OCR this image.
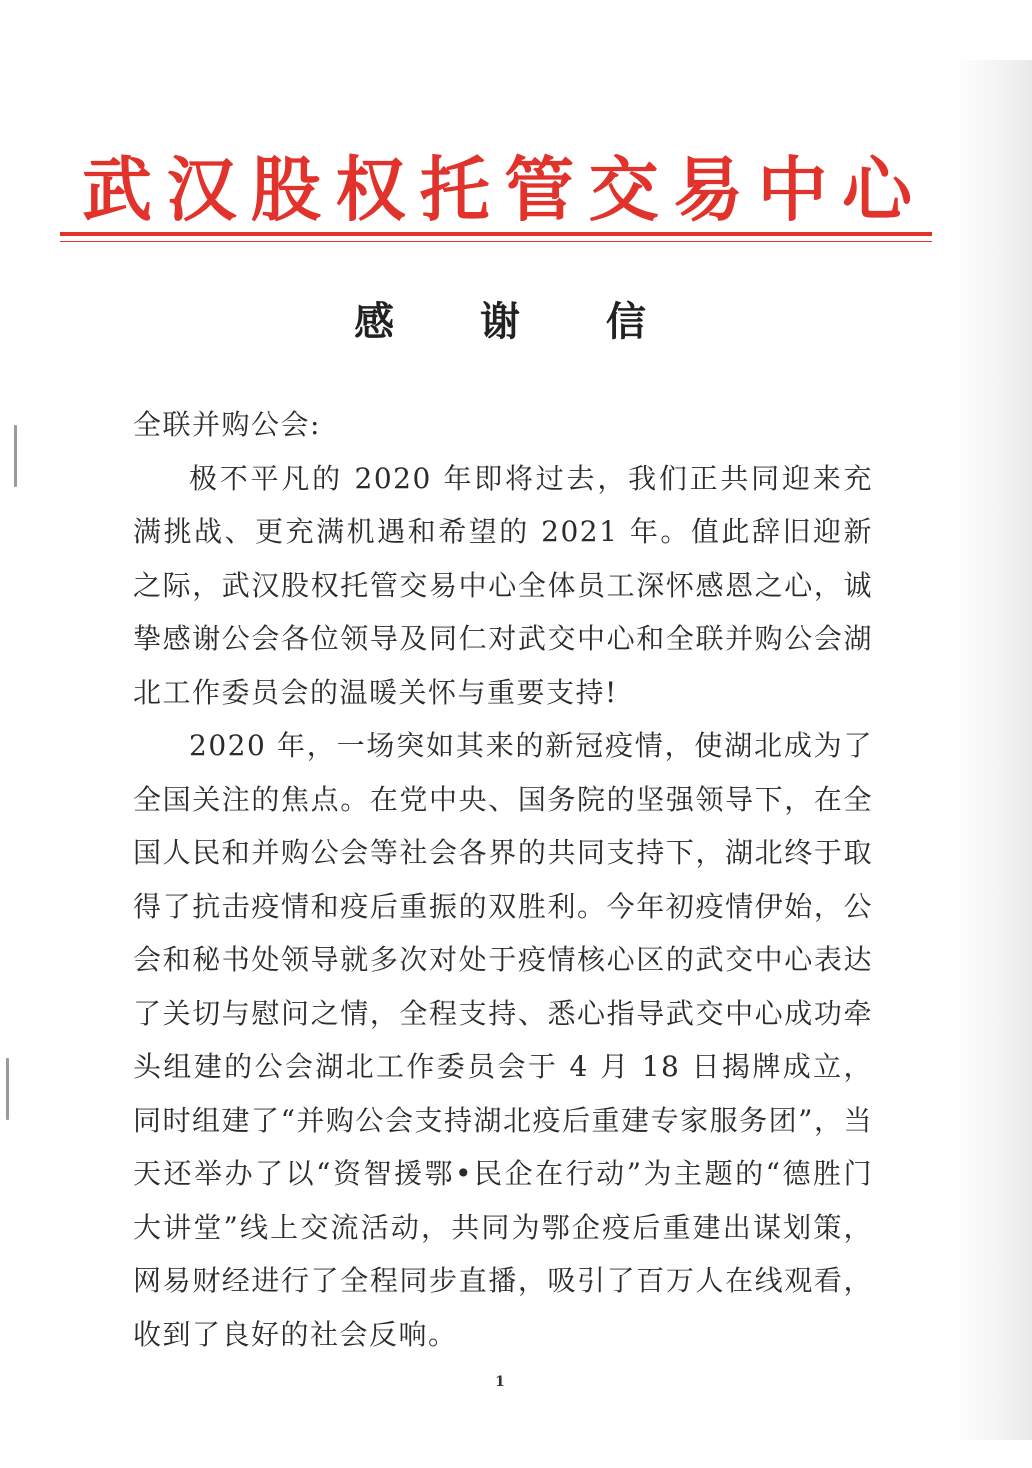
武 汉 股 权 托 管 交 易 中 心
感 谢 信

全联并购公会:

极不平凡的 2020 年即将过去，我们正共同迎来充满挑战、更充满机遇和希望的 2021 年。值此辞旧迎新之际，武汉股权托管交易中心全体员工深怀感恩之心，诚挚感谢公会各位领导及同仁对武交中心和全联并购公会湖北工作委员会的温暖关怀与重要支持!

2020 年，一场突如其来的新冠疫情，使湖北成为了全国关注的焦点。在党中央、国务院的坚强领导下，在全国人民和并购公会等社会各界的共同支持下，湖北终于取得了抗击疫情和疫后重振的双胜利。今年初疫情伊始，公会和秘书处领导就多次对处于疫情核心区的武交中心表达了关切与慰问之情，全程支持、悉心指导武交中心成功牵头组建的公会湖北工作委员会于 4 月 18 日揭牌成立，同时组建了“并购公会支持湖北疫后重建专家服务团”，当天还举办了以“资智援鄂•民企在行动”为主题的“德胜门大讲堂”线上交流活动，共同为鄂企疫后重建出谋划策，网易财经进行了全程同步直播，吸引了百万人在线观看，收到了良好的社会反响。

1
